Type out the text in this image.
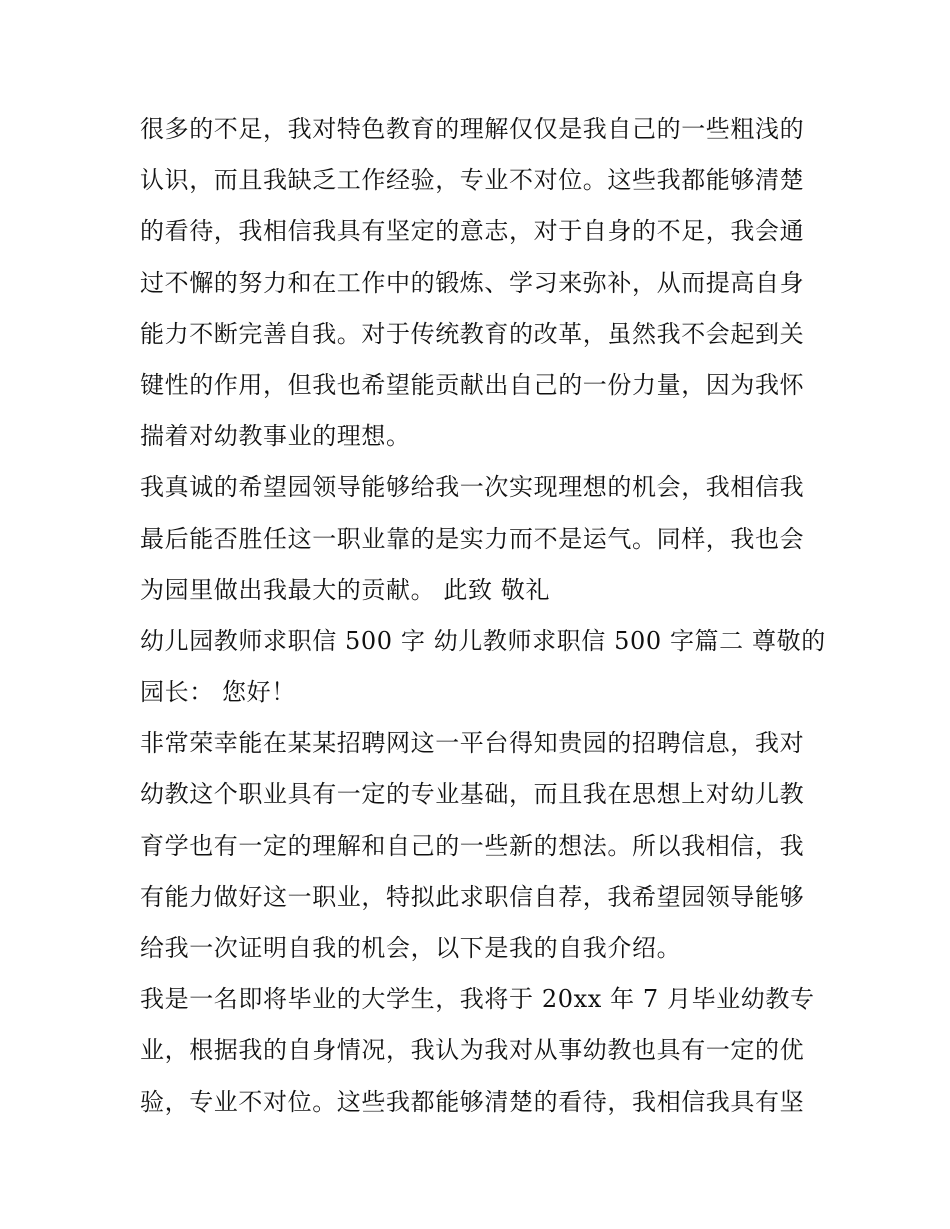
很多的不足，我对特色教育的理解仅仅是我自己的一些粗浅的
认识，而且我缺乏工作经验，专业不对位。这些我都能够清楚
的看待，我相信我具有坚定的意志，对于自身的不足，我会通
过不懈的努力和在工作中的锻炼、学习来弥补，从而提高自身
能力不断完善自我。对于传统教育的改革，虽然我不会起到关
键性的作用，但我也希望能贡献出自己的一份力量，因为我怀
揣着对幼教事业的理想。
我真诚的希望园领导能够给我一次实现理想的机会，我相信我
最后能否胜任这一职业靠的是实力而不是运气。同样，我也会
为园里做出我最大的贡献。 此致 敬礼
幼儿园教师求职信 500 字 幼儿教师求职信 500 字篇二 尊敬的
园长： 您好！
非常荣幸能在某某招聘网这一平台得知贵园的招聘信息，我对
幼教这个职业具有一定的专业基础，而且我在思想上对幼儿教
育学也有一定的理解和自己的一些新的想法。所以我相信，我
有能力做好这一职业，特拟此求职信自荐，我希望园领导能够
给我一次证明自我的机会，以下是我的自我介绍。
我是一名即将毕业的大学生，我将于 20xx 年 7 月毕业幼教专
业，根据我的自身情况，我认为我对从事幼教也具有一定的优
验，专业不对位。这些我都能够清楚的看待，我相信我具有坚
